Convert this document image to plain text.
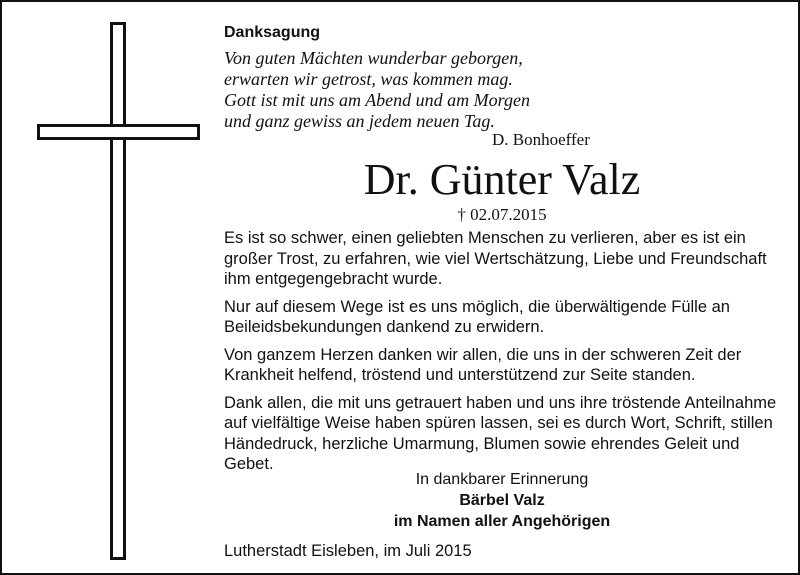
Danksagung
Von guten Mächten wunderbar geborgen,
erwarten wir getrost, was kommen mag.
Gott ist mit uns am Abend und am Morgen
und ganz gewiss an jedem neuen Tag.
D. Bonhoeffer
Dr. Günter Valz
† 02.07.2015

Es ist so schwer, einen geliebten Menschen zu verlieren, aber es ist ein großer Trost, zu erfahren, wie viel Wertschätzung, Liebe und Freundschaft ihm entgegengebracht wurde.

Nur auf diesem Wege ist es uns möglich, die überwältigende Fülle an Beileidsbekundungen dankend zu erwidern.

Von ganzem Herzen danken wir allen, die uns in der schweren Zeit der Krankheit helfend, tröstend und unterstützend zur Seite standen.

Dank allen, die mit uns getrauert haben und uns ihre tröstende Anteilnahme auf vielfältige Weise haben spüren lassen, sei es durch Wort, Schrift, stillen Händedruck, herzliche Umarmung, Blumen sowie ehrendes Geleit und Gebet.

In dankbarer Erinnerung
Bärbel Valz
im Namen aller Angehörigen
Lutherstadt Eisleben, im Juli 2015
